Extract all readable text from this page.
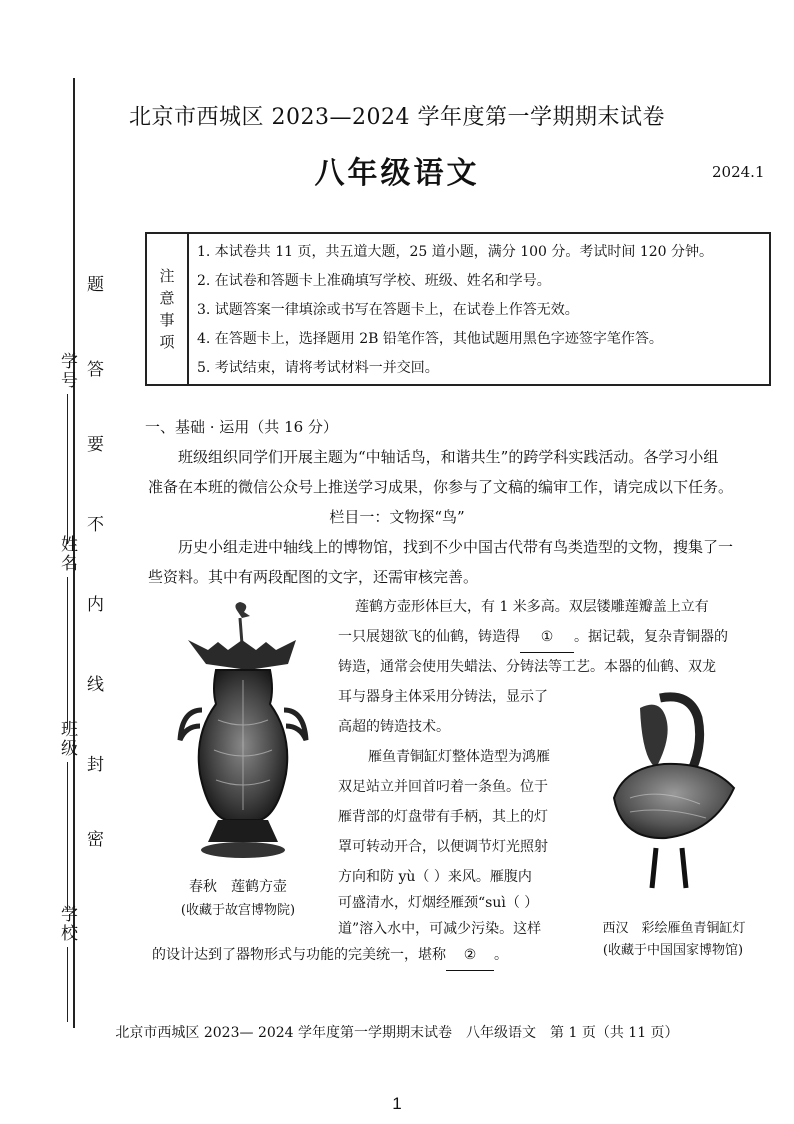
学号
姓名
班级
学校
题
答
要
不
内
线
封
密
北京市西城区 2023—2024 学年度第一学期期末试卷
八年级语文	2024.1
注
意
事
项
1. 本试卷共 11 页，共五道大题，25 道小题，满分 100 分。考试时间 120 分钟。
2. 在试卷和答题卡上准确填写学校、班级、姓名和学号。
3. 试题答案一律填涂或书写在答题卡上，在试卷上作答无效。
4. 在答题卡上，选择题用 2B 铅笔作答，其他试题用黑色字迹签字笔作答。
5. 考试结束，请将考试材料一并交回。
一、基础 · 运用（共 16 分）
班级组织同学们开展主题为“中轴话鸟，和谐共生”的跨学科实践活动。各学习小组
准备在本班的微信公众号上推送学习成果，你参与了文稿的编审工作，请完成以下任务。
栏目一：文物探“鸟”
历史小组走进中轴线上的博物馆，找到不少中国古代带有鸟类造型的文物，搜集了一
些资料。其中有两段配图的文字，还需审核完善。
莲鹤方壶形体巨大，有 1 米多高。双层镂雕莲瓣盖上立有
一只展翅欲飞的仙鹤，铸造得 ① 。据记载，复杂青铜器的
铸造，通常会使用失蜡法、分铸法等工艺。本器的仙鹤、双龙
耳与器身主体采用分铸法，显示了
高超的铸造技术。
雁鱼青铜缸灯整体造型为鸿雁
双足站立并回首叼着一条鱼。位于
雁背部的灯盘带有手柄，其上的灯
罩可转动开合，以便调节灯光照射
方向和防 yù（ ）来风。雁腹内
可盛清水，灯烟经雁颈“suì（ ）
道”溶入水中，可减少污染。这样
的设计达到了器物形式与功能的完美统一，堪称 ② 。
春秋　莲鹤方壶
(收藏于故宫博物院)
西汉　彩绘雁鱼青铜缸灯
(收藏于中国国家博物馆)
北京市西城区 2023— 2024 学年度第一学期期末试卷　八年级语文　第 1 页（共 11 页）
1
